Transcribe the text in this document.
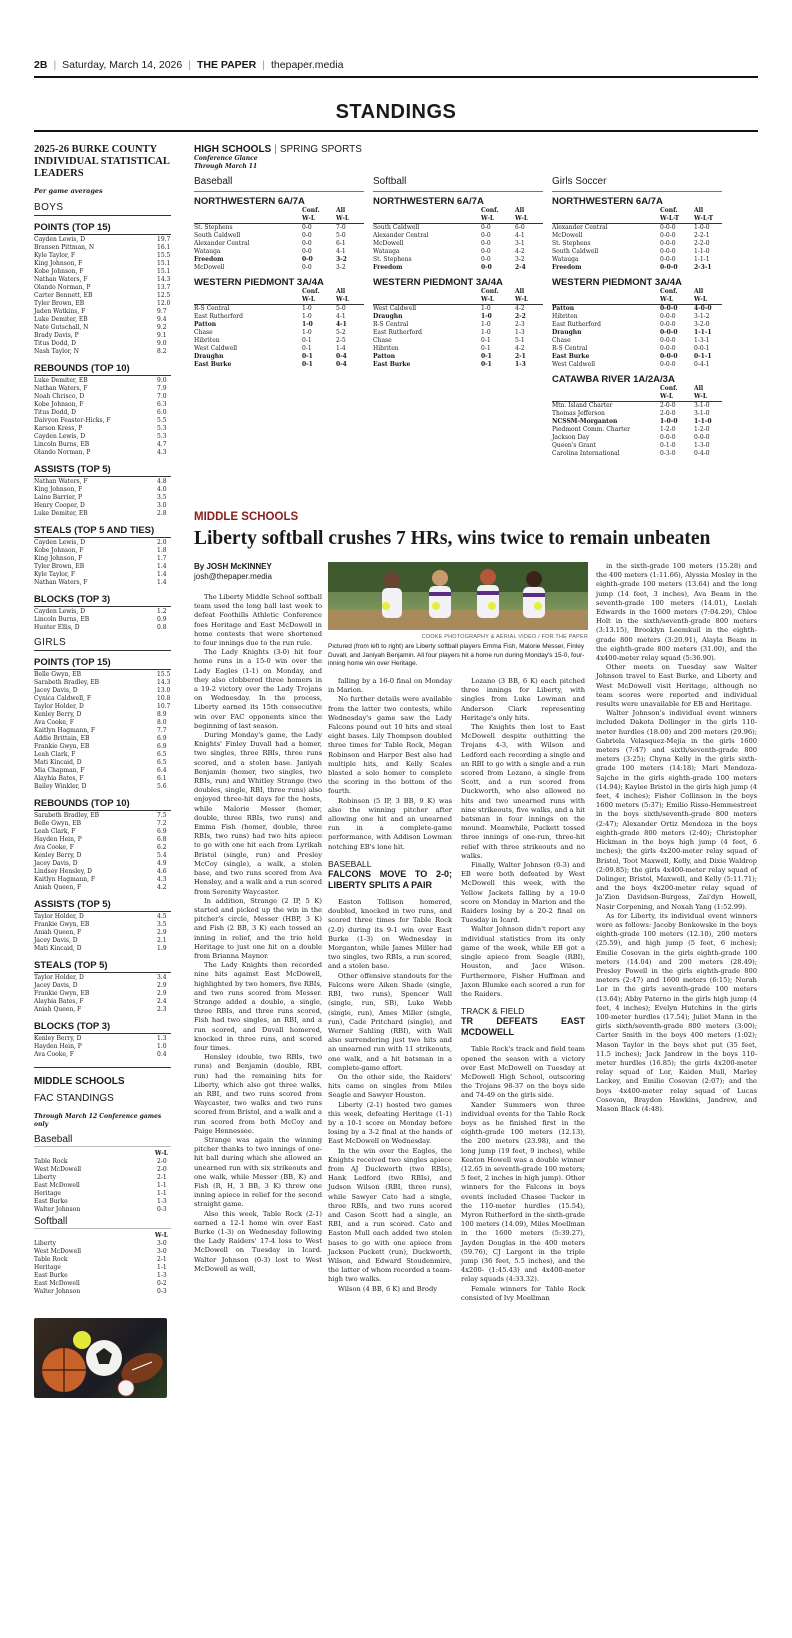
2B | Saturday, March 14, 2026 | THE PAPER | thepaper.media
STANDINGS
2025-26 BURKE COUNTY INDIVIDUAL STATISTICAL LEADERS
Per game averages
BOYS
POINTS (TOP 15)
Cayden Lewis, D	19.7
Bransen Pittman, N	16.1
Kyle Taylor, F	15.5
King Johnson, F	15.1
Kobe Johnson, F	15.1
Nathan Waters, F	14.3
Olando Norman, P	13.7
Carter Bennett, EB	12.5
Tyler Brown, EB	12.0
Jaden Watkins, F	9.7
Luke Demiter, EB	9.4
Nate Gutschall, N	9.2
Brady Davis, P	9.1
Titus Dodd, D	9.0
Nash Taylor, N	8.2
REBOUNDS (TOP 10)
Luke Demiter, EB	9.0
Nathan Waters, F	7.9
Noah Chrisco, D	7.0
Kobe Johnson, F	6.3
Titus Dodd, D	6.0
Daivyon Feaster-Hicks, F	5.5
Karson Kress, P	5.3
Cayden Lewis, D	5.3
Lincoln Burns, EB	4.7
Olando Norman, P	4.3
ASSISTS (TOP 5)
Nathan Waters, F	4.8
King Johnson, F	4.0
Laine Barrier, P	3.5
Henry Cooper, D	3.0
Luke Demiter, EB	2.8
STEALS (TOP 5 AND TIES)
Cayden Lewis, D	2.0
Kobe Johnson, F	1.8
King Johnson, F	1.7
Tyler Brown, EB	1.4
Kyle Taylor, F	1.4
Nathan Waters, F	1.4
BLOCKS (TOP 3)
Cayden Lewis, D	1.2
Lincoln Burns, EB	0.9
Hunter Ellis, D	0.8
GIRLS
POINTS (TOP 15)
Belle Gwyn, EB	15.5
Sarabeth Bradley, EB	14.3
Jacey Davis, D	13.0
Cynica Caldwell, F	10.8
Taylor Holder, D	10.7
Kenley Berry, D	8.9
Ava Cooke, F	8.0
Kaitlyn Hagmann, F	7.7
Addie Brittain, EB	6.9
Frankie Gwyn, EB	6.9
Leah Clark, F	6.5
Mati Kincaid, D	6.5
Mia Chapman, F	6.4
Alayhia Bates, F	6.1
Bailey Winkler, D	5.6
REBOUNDS (TOP 10)
Sarabeth Bradley, EB	7.5
Belle Gwyn, EB	7.2
Leah Clark, F	6.9
Hayden Hein, P	6.8
Ava Cooke, F	6.2
Kenley Berry, D	5.4
Jacey Davis, D	4.9
Lindsey Hensley, D	4.6
Kaitlyn Hagmann, F	4.3
Aniah Queen, F	4.2
ASSISTS (TOP 5)
Taylor Holder, D	4.5
Frankie Gwyn, EB	3.5
Aniah Queen, F	2.9
Jacey Davis, D	2.1
Mati Kincaid, D	1.9
STEALS (TOP 5)
Taylor Holder, D	3.4
Jacey Davis, D	2.9
Frankie Gwyn, EB	2.9
Alayhia Bates, F	2.4
Aniah Queen, F	2.3
BLOCKS (TOP 3)
Kenley Berry, D	1.3
Hayden Hein, P	1.0
Ava Cooke, F	0.4
MIDDLE SCHOOLS
FAC STANDINGS
Through March 12 Conference games only
Baseball
W-L
Table Rock	2-0
West McDowell	2-0
Liberty	2-1
East McDowell	1-1
Heritage	1-1
East Burke	1-3
Walter Johnson	0-3
Softball
W-L
Liberty	3-0
West McDowell	3-0
Table Rock	2-1
Heritage	1-1
East Burke	1-3
East McDowell	0-2
Walter Johnson	0-3
HIGH SCHOOLS | SPRING SPORTS
Conference Glance
Through March 11
Baseball
NORTHWESTERN 6A/7A
Conf.	All
W-L	W-L
St. Stephens	0-0	7-0
South Caldwell	0-0	5-0
Alexander Central	0-0	6-1
Watauga	0-0	4-1
Freedom	0-0	3-2
McDowell	0-0	3-2
WESTERN PIEDMONT 3A/4A
Conf.	All
W-L	W-L
R-S Central	1-0	5-0
East Rutherford	1-0	4-1
Patton	1-0	4-1
Chase	1-0	5-2
Hibriten	0-1	2-5
West Caldwell	0-1	1-4
Draughn	0-1	0-4
East Burke	0-1	0-4
Softball
NORTHWESTERN 6A/7A
Conf.	All
W-L	W-L
South Caldwell	0-0	6-0
Alexander Central	0-0	4-1
McDowell	0-0	3-1
Watauga	0-0	4-2
St. Stephens	0-0	3-2
Freedom	0-0	2-4
WESTERN PIEDMONT 3A/4A
Conf.	All
W-L	W-L
West Caldwell	1-0	4-2
Draughn	1-0	2-2
R-S Central	1-0	2-3
East Rutherford	1-0	1-3
Chase	0-1	5-1
Hibriten	0-1	4-2
Patton	0-1	2-1
East Burke	0-1	1-3
Girls Soccer
NORTHWESTERN 6A/7A
Conf.	All
W-L-T	W-L-T
Alexander Central	0-0-0	1-0-0
McDowell	0-0-0	2-2-1
St. Stephens	0-0-0	2-2-0
South Caldwell	0-0-0	1-1-0
Watauga	0-0-0	1-1-1
Freedom	0-0-0	2-3-1
WESTERN PIEDMONT 3A/4A
Conf.	All
W-L	W-L
Patton	0-0-0	4-0-0
Hibriten	0-0-0	3-1-2
East Rutherford	0-0-0	3-2-0
Draughn	0-0-0	1-1-1
Chase	0-0-0	1-3-1
R-S Central	0-0-0	0-0-1
East Burke	0-0-0	0-1-1
West Caldwell	0-0-0	0-4-1
CATAWBA RIVER 1A/2A/3A
Conf.	All
W-L	W-L
Mtn. Island Charter	2-0-0	3-1-0
Thomas Jefferson	2-0-0	3-1-0
NCSSM-Morganton	1-0-0	1-1-0
Piedmont Comm. Charter	1-2-0	1-2-0
Jackson Day	0-0-0	0-0-0
Queen's Grant	0-1-0	1-3-0
Carolina International	0-3-0	0-4-0
MIDDLE SCHOOLS
Liberty softball crushes 7 HRs, wins twice to remain unbeaten
By JOSH McKINNEY
josh@thepaper.media
COOKE PHOTOGRAPHY & AERIAL VIDEO / FOR THE PAPER
Pictured (from left to right) are Liberty softball players Emma Fish, Malorie Messer, Finley Duvall, and Janiyah Benjamin. All four players hit a home run during Monday's 15-0, four-inning home win over Heritage.

The Liberty Middle School softball team used the long ball last week to defeat Foothills Athletic Conference foes Heritage and East McDowell in home contests that were shortened to four innings due to the run rule.

The Lady Knights (3-0) hit four home runs in a 15-0 win over the Lady Eagles (1-1) on Monday, and they also clobbered three homers in a 19-2 victory over the Lady Trojans on Wednesday. In the process, Liberty earned its 15th consecutive win over FAC opponents since the beginning of last season.

During Monday's game, the Lady Knights' Finley Duvall had a homer, two singles, three RBIs, three runs scored, and a stolen base. Janiyah Benjamin (homer, two singles, two RBIs, run) and Whitley Strange (two doubles, single, RBI, three runs) also enjoyed three-hit days for the hosts, while Malorie Messer (homer, double, three RBIs, two runs) and Emma Fish (homer, double, three RBIs, two runs) had two hits apiece to go with one hit each from Lyrikah Bristol (single, run) and Presley McCoy (single), a walk, a stolen base, and two runs scored from Ava Hensley, and a walk and a run scored from Serenity Waycaster.

In addition, Strange (2 IP, 5 K) started and picked up the win in the pitcher's circle, Messer (HBP, 3 K) and Fish (2 BB, 3 K) each tossed an inning in relief, and the trio held Heritage to just one hit on a double from Brianna Maynor.

The Lady Knights then recorded nine hits against East McDowell, highlighted by two homers, five RBIs, and two runs scored from Messer. Strange added a double, a single, three RBIs, and three runs scored, Fish had two singles, an RBI, and a run scored, and Duvall homered, knocked in three runs, and scored four times.

Hensley (double, two RBIs, two runs) and Benjamin (double, RBI, run) had the remaining hits for Liberty, which also got three walks, an RBI, and two runs scored from Waycaster, two walks and two runs scored from Bristol, and a walk and a run scored from both McCoy and Paige Hennessee.

Strange was again the winning pitcher thanks to two innings of one-hit ball during which she allowed an unearned run with six strikeouts and one walk, while Messer (BB, K) and Fish (R, H, 3 BB, 3 K) threw one inning apiece in relief for the second straight game.

Also this week, Table Rock (2-1) earned a 12-1 home win over East Burke (1-3) on Wednesday following the Lady Raiders' 17-4 loss to West McDowell on Tuesday in Icard. Walter Johnson (0-3) lost to West McDowell as well,

falling by a 16-0 final on Monday in Marion.

No further details were available from the latter two contests, while Wednesday's game saw the Lady Falcons pound out 10 hits and steal eight bases. Lily Thompson doubled three times for Table Rock, Megan Robinson and Harper Best also had multiple hits, and Kelly Scales blasted a solo homer to complete the scoring in the bottom of the fourth.

Robinson (5 IP, 3 BB, 9 K) was also the winning pitcher after allowing one hit and an unearned run in a complete-game performance, with Addison Lowman notching EB's lone hit.

BASEBALL
FALCONS MOVE TO 2-0; LIBERTY SPLITS A PAIR

Easton Tollison homered, doubled, knocked in two runs, and scored three times for Table Rock (2-0) during its 9-1 win over East Burke (1-3) on Wednesday in Morganton, while James Miller had two singles, two RBIs, a run scored, and a stolen base.

Other offensive standouts for the Falcons were Aiken Shade (single, RBI, two runs), Spencer Wall (single, run, SB), Luke Webb (single, run), Ames Miller (single, run), Cade Pritchard (single), and Werner Sahling (RBI), with Wall also surrendering just two hits and an unearned run with 11 strikeouts, one walk, and a hit batsman in a complete-game effort.

On the other side, the Raiders' hits came on singles from Miles Seagle and Sawyer Houston.

Liberty (2-1) hosted two games this week, defeating Heritage (1-1) by a 10-1 score on Monday before losing by a 3-2 final at the hands of East McDowell on Wednesday.

In the win over the Eagles, the Knights received two singles apiece from AJ Duckworth (two RBIs), Hank Ledford (two RBIs), and Judson Wilson (RBI, three runs), while Sawyer Cato had a single, three RBIs, and two runs scored and Cason Scott had a single, an RBI, and a run scored. Cato and Easton Mull each added two stolen bases to go with one apiece from Jackson Puckett (run), Duckworth, Wilson, and Edward Stoudenmire, the latter of whom recorded a team-high two walks.

Wilson (4 BB, 6 K) and Brody

Lozano (3 BB, 6 K) each pitched three innings for Liberty, with singles from Luke Lowman and Anderson Clark representing Heritage's only hits.

The Knights then lost to East McDowell despite outhitting the Trojans 4-3, with Wilson and Ledford each recording a single and an RBI to go with a single and a run scored from Lozano, a single from Scott, and a run scored from Duckworth, who also allowed no hits and two unearned runs with nine strikeouts, five walks, and a hit batsman in four innings on the mound. Meanwhile, Puckett tossed three innings of one-run, three-hit relief with three strikeouts and no walks.

Finally, Walter Johnson (0-3) and EB were both defeated by West McDowell this week, with the Yellow Jackets falling by a 19-0 score on Monday in Marion and the Raiders losing by a 20-2 final on Tuesday in Icard.

Walter Johnson didn't report any individual statistics from its only game of the week, while EB got a single apiece from Seagle (RBI), Houston, and Jace Wilson. Furthermore, Fisher Huffman and Jaxon Blumke each scored a run for the Raiders.

TRACK & FIELD
TR DEFEATS EAST MCDOWELL

Table Rock's track and field team opened the season with a victory over East McDowell on Tuesday at McDowell High School, outscoring the Trojans 98-37 on the boys side and 74-49 on the girls side.

Xander Summers won three individual events for the Table Rock boys as he finished first in the eighth-grade 100 meters (12.13), the 200 meters (23.98), and the long jump (19 feet, 9 inches), while Keaton Howell was a double winner (12.65 in seventh-grade 100 meters; 5 feet, 2 inches in high jump). Other winners for the Falcons in boys events included Chasee Tucker in the 110-meter hurdles (15.54), Myron Rutherford in the sixth-grade 100 meters (14.09), Miles Moellman in the 1600 meters (5:39.27), Jayden Douglas in the 400 meters (59.76), CJ Largent in the triple jump (36 feet, 5.5 inches), and the 4x200- (1:45.43) and 4x400-meter relay squads (4:33.32).

Female winners for Table Rock consisted of Ivy Moellman

in the sixth-grade 100 meters (15.28) and the 400 meters (1:11.66), Alyssia Mosley in the eighth-grade 100 meters (13.64) and the long jump (14 feet, 3 inches), Ava Beam in the seventh-grade 100 meters (14.01), Leelah Edwards in the 1600 meters (7:04.29), Chloe Holt in the sixth/seventh-grade 800 meters (3:13.15), Brooklyn Leemkuil in the eighth-grade 800 meters (3:20.91), Alayla Beam in the eighth-grade 800 meters (31.00), and the 4x400-meter relay squad (5:36.90).

Other meets on Tuesday saw Walter Johnson travel to East Burke, and Liberty and West McDowell visit Heritage, although no team scores were reported and individual results were unavailable for EB and Heritage.

Walter Johnson's individual event winners included Dakota Dollinger in the girls 110-meter hurdles (18.00) and 200 meters (29.96); Gabriela Velasquez-Mejia in the girls 1600 meters (7:47) and sixth/seventh-grade 800 meters (3:25); Chyna Kelly in the girls sixth-grade 100 meters (14:18); Mari Mendoza-Sajche in the girls eighth-grade 100 meters (14.94); Kaylee Bristol in the girls high jump (4 feet, 4 inches); Fisher Collinson in the boys 1600 meters (5:37); Emilio Risso-Hemmestreet in the boys sixth/seventh-grade 800 meters (2:47); Alexander Ortiz Mendoza in the boys eighth-grade 800 meters (2:40); Christopher Hickman in the boys high jump (4 feet, 6 inches); the girls 4x200-meter relay squad of Bristol, Toot Maxwell, Kelly, and Dixie Waldrop (2:09.85); the girls 4x400-meter relay squad of Dolinger, Bristol, Maxwell, and Kelly (5:11.71); and the boys 4x200-meter relay squad of Ja'Zion Davidson-Burgess, Zai'dyn Howell, Nasir Corpening, and Noxah Yang (1:52.99).

As for Liberty, its individual event winners were as follows: Jacoby Bonkowske in the boys eighth-grade 100 meters (12.10), 200 meters (25.59), and high jump (5 feet, 6 inches); Emilie Cosovan in the girls eighth-grade 100 meters (14.04) and 200 meters (28.49); Presley Powell in the girls eighth-grade 800 meters (2:47) and 1600 meters (6:15); Norah Lor in the girls seventh-grade 100 meters (13.64); Abby Paterno in the girls high jump (4 feet, 4 inches); Evelyn Hutchins in the girls 100-meter hurdles (17.54); Juliet Mann in the girls sixth/seventh-grade 800 meters (3:00); Carter Smith in the boys 400 meters (1:02); Mason Taylor in the boys shot put (35 feet, 11.5 inches); Jack Jandrew in the boys 110-meter hurdles (16.85); the girls 4x200-meter relay squad of Lor, Kaiden Mull, Marley Lackey, and Emilie Cosovan (2:07); and the boys 4x400-meter relay squad of Lucas Cosovan, Braydon Hawkins, Jandrew, and Mason Black (4:48).
